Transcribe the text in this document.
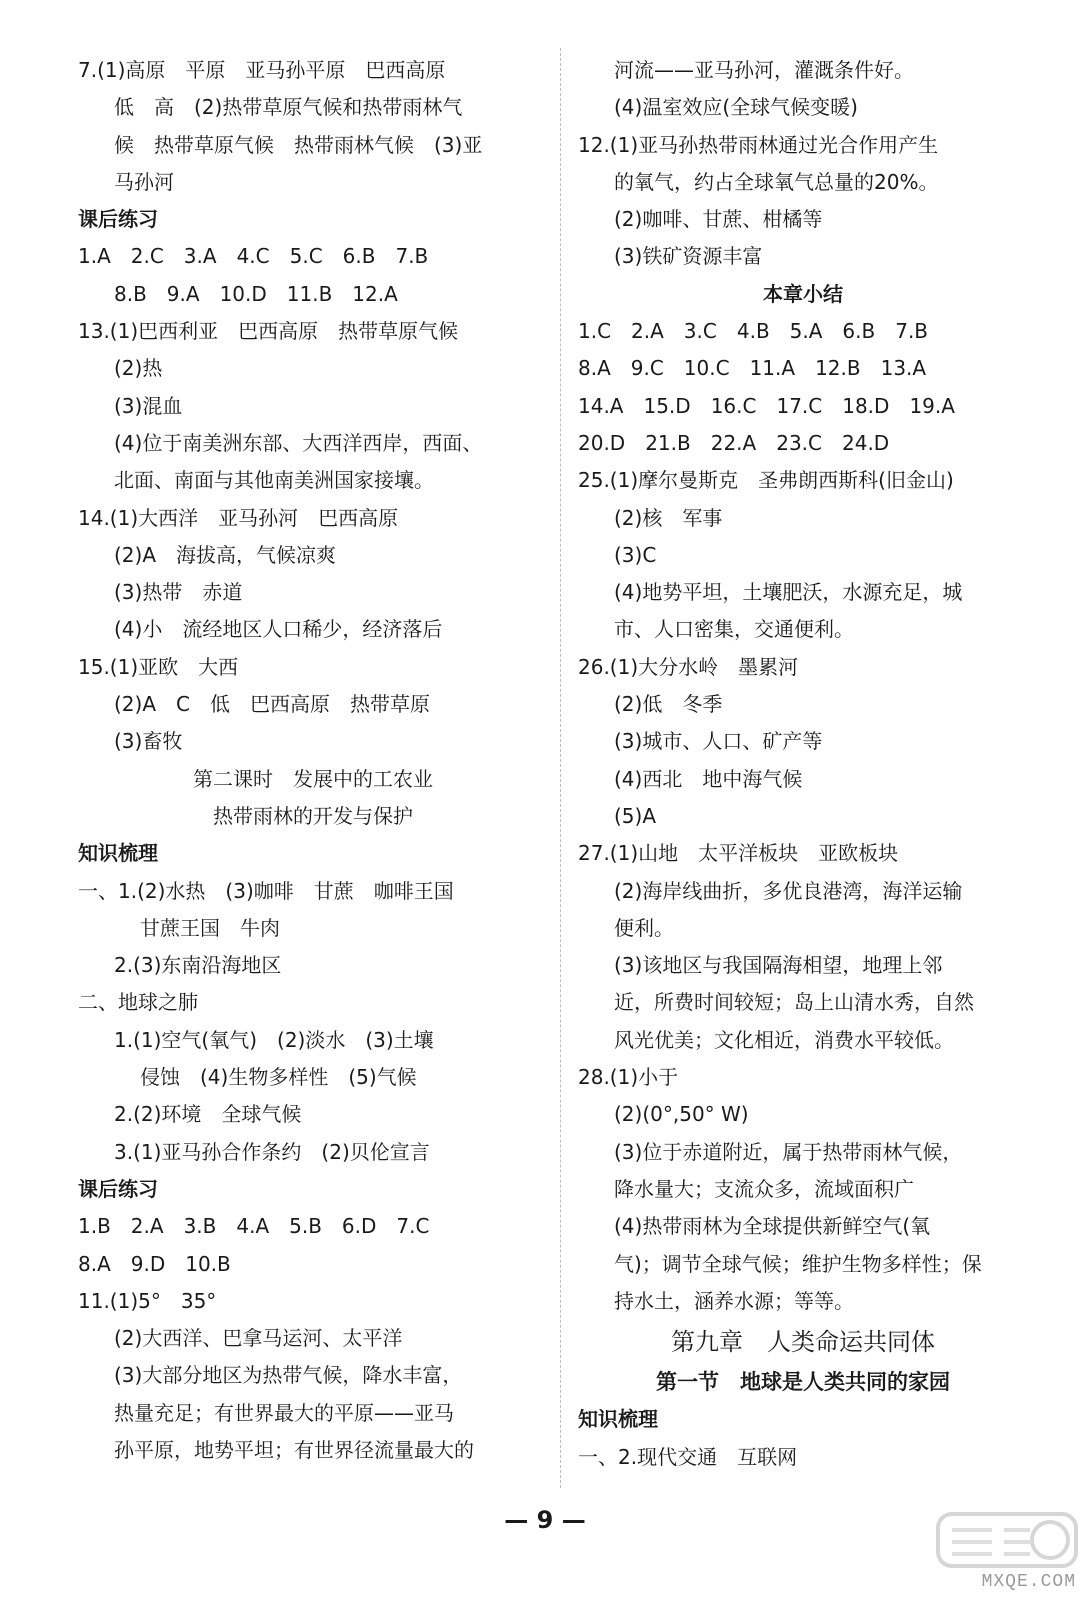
7.(1)高原　平原　亚马孙平原　巴西高原
低　高　(2)热带草原气候和热带雨林气
候　热带草原气候　热带雨林气候　(3)亚
马孙河
课后练习
1.A　2.C　3.A　4.C　5.C　6.B　7.B
8.B　9.A　10.D　11.B　12.A
13.(1)巴西利亚　巴西高原　热带草原气候
(2)热
(3)混血
(4)位于南美洲东部、大西洋西岸，西面、
北面、南面与其他南美洲国家接壤。
14.(1)大西洋　亚马孙河　巴西高原
(2)A　海拔高，气候凉爽
(3)热带　赤道
(4)小　流经地区人口稀少，经济落后
15.(1)亚欧　大西
(2)A　C　低　巴西高原　热带草原
(3)畜牧
第二课时　发展中的工农业
热带雨林的开发与保护
知识梳理
一、1.(2)水热　(3)咖啡　甘蔗　咖啡王国
甘蔗王国　牛肉
2.(3)东南沿海地区
二、地球之肺
1.(1)空气(氧气)　(2)淡水　(3)土壤
侵蚀　(4)生物多样性　(5)气候
2.(2)环境　全球气候
3.(1)亚马孙合作条约　(2)贝伦宣言
课后练习
1.B　2.A　3.B　4.A　5.B　6.D　7.C
8.A　9.D　10.B
11.(1)5°　35°
(2)大西洋、巴拿马运河、太平洋
(3)大部分地区为热带气候，降水丰富，
热量充足；有世界最大的平原——亚马
孙平原，地势平坦；有世界径流量最大的
河流——亚马孙河，灌溉条件好。
(4)温室效应(全球气候变暖)
12.(1)亚马孙热带雨林通过光合作用产生
的氧气，约占全球氧气总量的20%。
(2)咖啡、甘蔗、柑橘等
(3)铁矿资源丰富
本章小结
1.C　2.A　3.C　4.B　5.A　6.B　7.B
8.A　9.C　10.C　11.A　12.B　13.A
14.A　15.D　16.C　17.C　18.D　19.A
20.D　21.B　22.A　23.C　24.D
25.(1)摩尔曼斯克　圣弗朗西斯科(旧金山)
(2)核　军事
(3)C
(4)地势平坦，土壤肥沃，水源充足，城
市、人口密集，交通便利。
26.(1)大分水岭　墨累河
(2)低　冬季
(3)城市、人口、矿产等
(4)西北　地中海气候
(5)A
27.(1)山地　太平洋板块　亚欧板块
(2)海岸线曲折，多优良港湾，海洋运输
便利。
(3)该地区与我国隔海相望，地理上邻
近，所费时间较短；岛上山清水秀，自然
风光优美；文化相近，消费水平较低。
28.(1)小于
(2)(0°,50° W)
(3)位于赤道附近，属于热带雨林气候，
降水量大；支流众多，流域面积广
(4)热带雨林为全球提供新鲜空气(氧
气)；调节全球气候；维护生物多样性；保
持水土，涵养水源；等等。
第九章　人类命运共同体
第一节　地球是人类共同的家园
知识梳理
一、2.现代交通　互联网
— 9 —
MXQE.COM
